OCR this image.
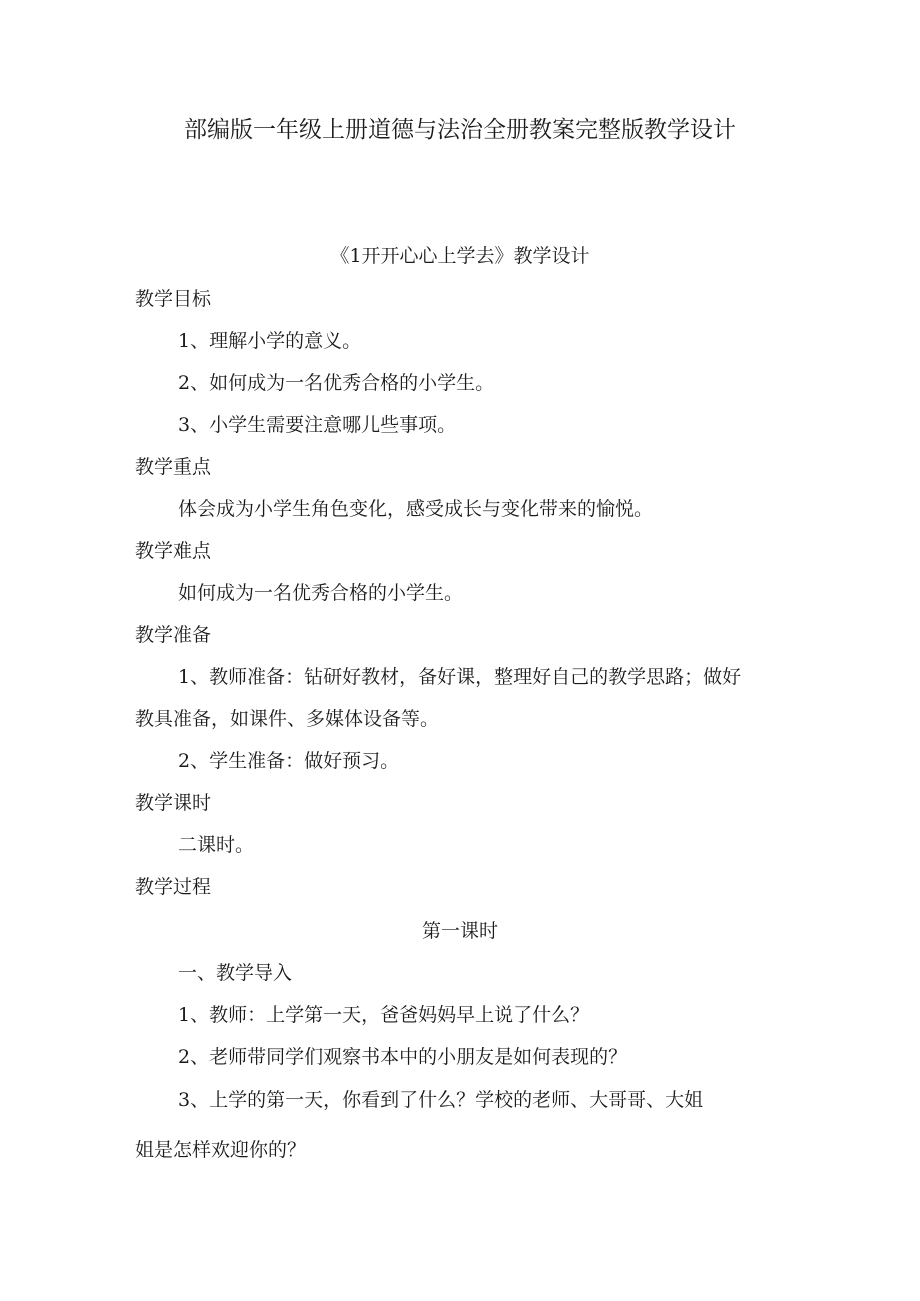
部编版一年级上册道德与法治全册教案完整版教学设计
《1开开心心上学去》教学设计
教学目标
1、理解小学的意义。
2、如何成为一名优秀合格的小学生。
3、小学生需要注意哪儿些事项。
教学重点
体会成为小学生角色变化，感受成长与变化带来的愉悦。
教学难点
如何成为一名优秀合格的小学生。
教学准备
1、教师准备：钻研好教材，备好课，整理好自己的教学思路；做好
教具准备，如课件、多媒体设备等。
2、学生准备：做好预习。
教学课时
二课时。
教学过程
第一课时
一、教学导入
1、教师：上学第一天，爸爸妈妈早上说了什么？
2、老师带同学们观察书本中的小朋友是如何表现的？
3、上学的第一天，你看到了什么？学校的老师、大哥哥、大姐
姐是怎样欢迎你的？
